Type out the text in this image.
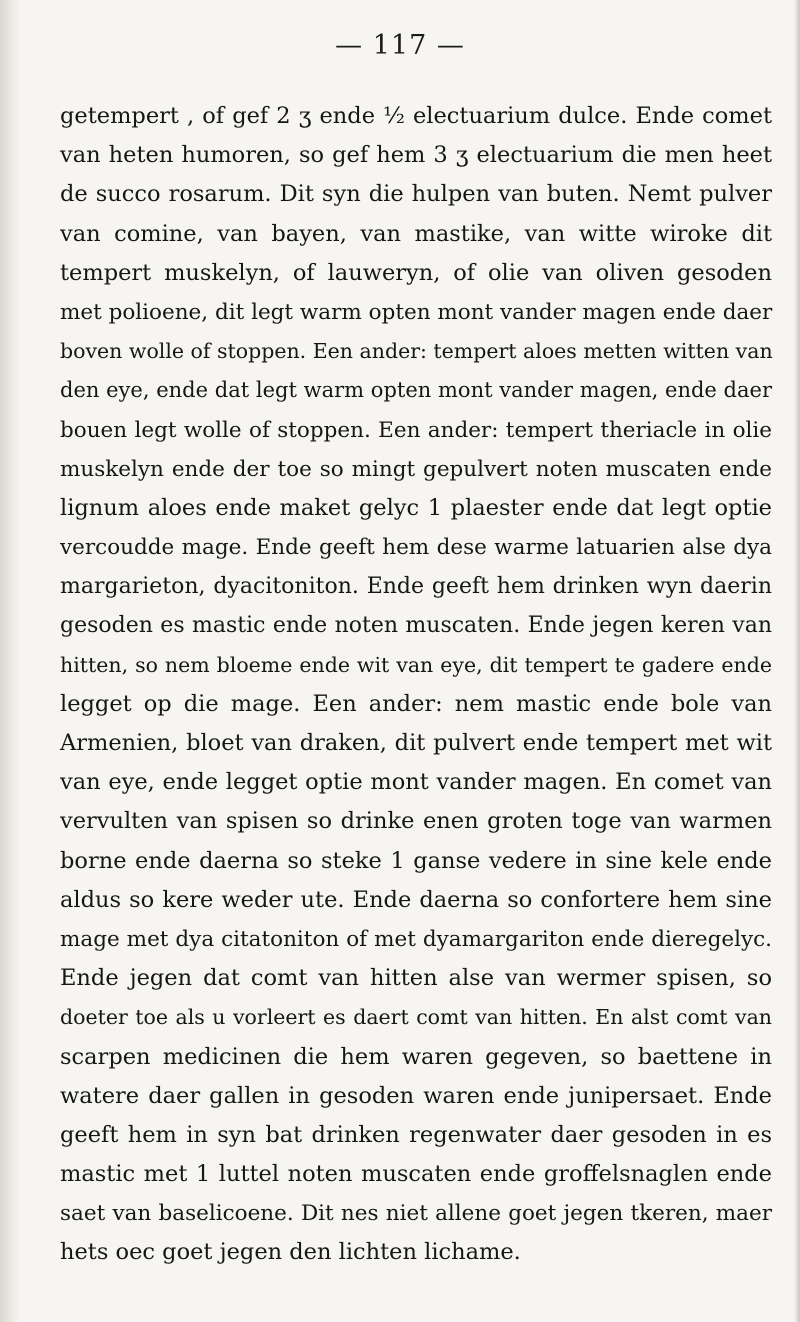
— 117 —
getempert , of gef 2 ʒ ende ½ electuarium dulce. Ende comet
van heten humoren, so gef hem 3 ʒ electuarium die men heet
de succo rosarum. Dit syn die hulpen van buten. Nemt pulver
van comine, van bayen, van mastike, van witte wiroke dit
tempert muskelyn, of lauweryn, of olie van oliven gesoden
met polioene, dit legt warm opten mont vander magen ende daer
boven wolle of stoppen. Een ander: tempert aloes metten witten van
den eye, ende dat legt warm opten mont vander magen, ende daer
bouen legt wolle of stoppen. Een ander: tempert theriacle in olie
muskelyn ende der toe so mingt gepulvert noten muscaten ende
lignum aloes ende maket gelyc 1 plaester ende dat legt optie
vercoudde mage. Ende geeft hem dese warme latuarien alse dya
margarieton, dyacitoniton. Ende geeft hem drinken wyn daerin
gesoden es mastic ende noten muscaten. Ende jegen keren van
hitten, so nem bloeme ende wit van eye, dit tempert te gadere ende
legget op die mage. Een ander: nem mastic ende bole van
Armenien, bloet van draken, dit pulvert ende tempert met wit
van eye, ende legget optie mont vander magen. En comet van
vervulten van spisen so drinke enen groten toge van warmen
borne ende daerna so steke 1 ganse vedere in sine kele ende
aldus so kere weder ute. Ende daerna so confortere hem sine
mage met dya citatoniton of met dyamargariton ende dieregelyc.
Ende jegen dat comt van hitten alse van wermer spisen, so
doeter toe als u vorleert es daert comt van hitten. En alst comt van
scarpen medicinen die hem waren gegeven, so baettene in
watere daer gallen in gesoden waren ende junipersaet. Ende
geeft hem in syn bat drinken regenwater daer gesoden in es
mastic met 1 luttel noten muscaten ende groffelsnaglen ende
saet van baselicoene. Dit nes niet allene goet jegen tkeren, maer
hets oec goet jegen den lichten lichame.
